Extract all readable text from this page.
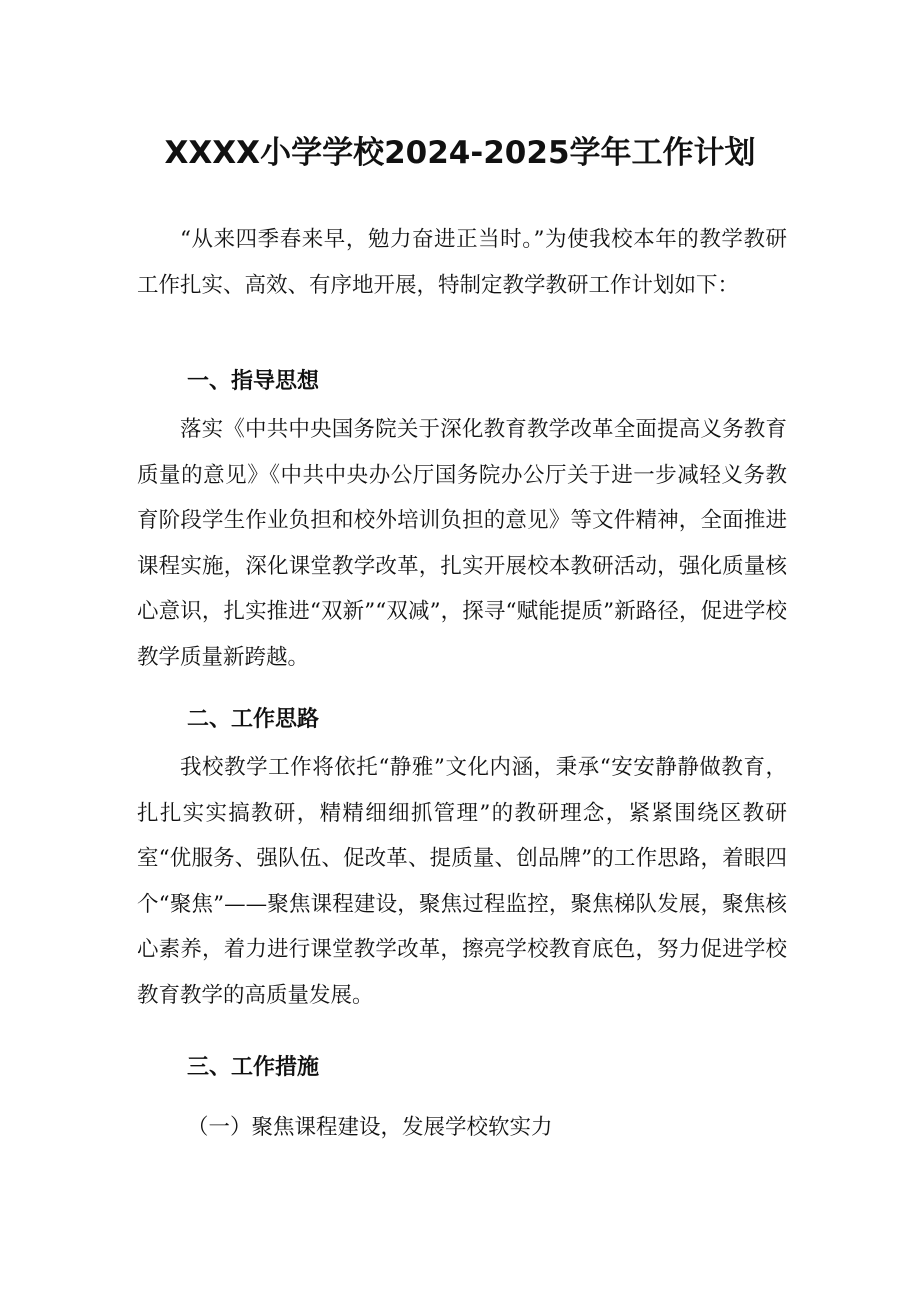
XXXX小学学校2024-2025学年工作计划

“从来四季春来早，勉力奋进正当时。”为使我校本年的教学教研工作扎实、高效、有序地开展，特制定教学教研工作计划如下：

一、指导思想

落实《中共中央国务院关于深化教育教学改革全面提高义务教育质量的意见》《中共中央办公厅国务院办公厅关于进一步减轻义务教育阶段学生作业负担和校外培训负担的意见》等文件精神，全面推进课程实施，深化课堂教学改革，扎实开展校本教研活动，强化质量核心意识，扎实推进“双新”“双减”，探寻“赋能提质”新路径，促进学校教学质量新跨越。

二、工作思路

我校教学工作将依托“静雅”文化内涵，秉承“安安静静做教育，扎扎实实搞教研，精精细细抓管理”的教研理念，紧紧围绕区教研室“优服务、强队伍、促改革、提质量、创品牌”的工作思路，着眼四个“聚焦”——聚焦课程建设，聚焦过程监控，聚焦梯队发展，聚焦核心素养，着力进行课堂教学改革，擦亮学校教育底色，努力促进学校教育教学的高质量发展。

三、工作措施

（一）聚焦课程建设，发展学校软实力
